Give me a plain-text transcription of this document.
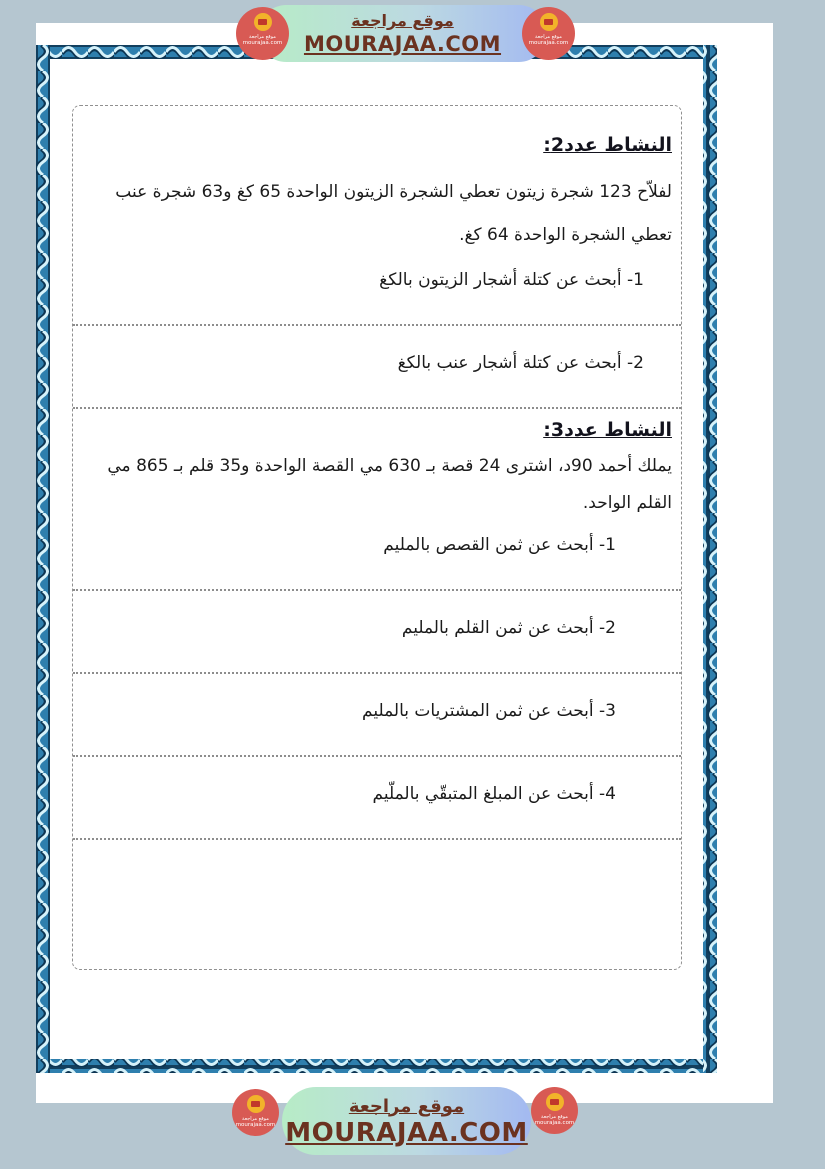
النشاط عدد2:
لفلاّح 123 شجرة زيتون تعطي الشجرة الزيتون الواحدة 65 كغ و63 شجرة عنب
تعطي الشجرة الواحدة 64 كغ.
1- أبحث عن كتلة أشجار الزيتون بالكغ
2- أبحث عن كتلة أشجار عنب بالكغ
النشاط عدد3:
يملك أحمد 90د، اشترى 24 قصة بـ 630 مي القصة الواحدة و35 قلم بـ 865 مي
القلم الواحد.
1- أبحث عن ثمن القصص بالمليم
2- أبحث عن ثمن القلم بالمليم
3- أبحث عن ثمن المشتريات بالمليم
4- أبحث عن المبلغ المتبقّي بالملّيم
موقع مراجعة
MOURAJAA.COM
موقع مراجعة
mourajaa.com
موقع مراجعة
mourajaa.com
موقع مراجعة
MOURAJAA.COM
موقع مراجعة
mourajaa.com
موقع مراجعة
mourajaa.com
